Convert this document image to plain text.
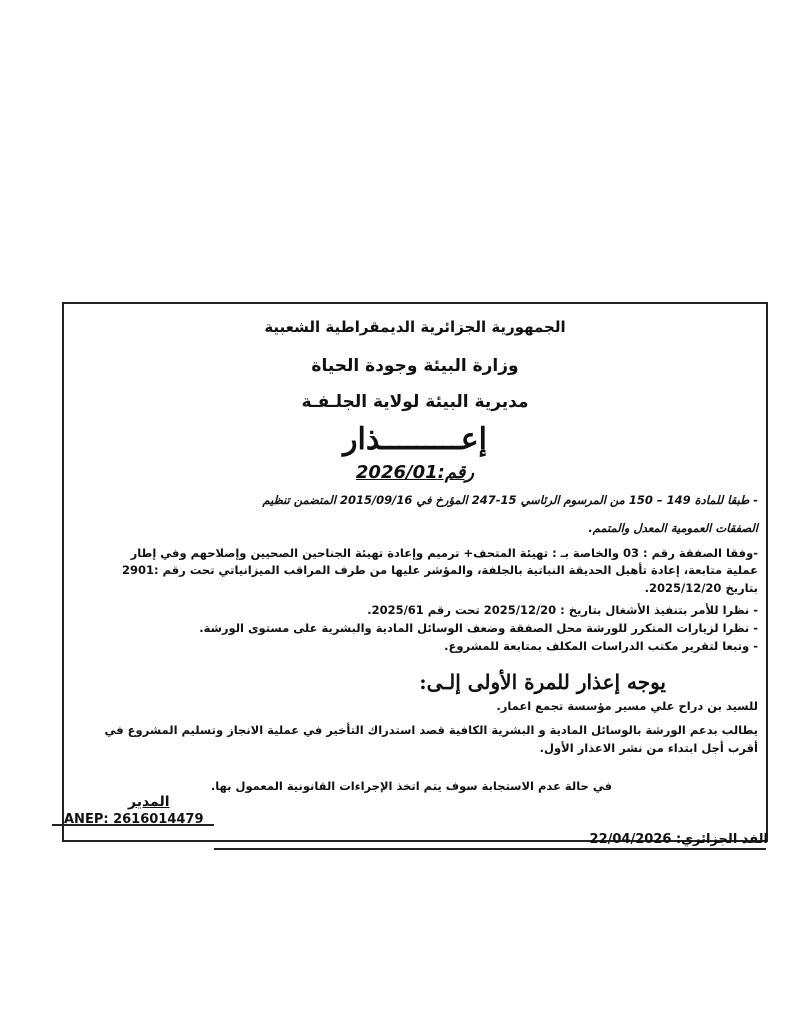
الجمهورية الجزائرية الديمقراطية الشعبية
وزارة البيئة وجودة الحياة
مديرية البيئة لولاية الجلـفـة
إعـــــــــذار
رقم:2026/01
- طبقا للمادة 149 – 150 من المرسوم الرئاسي 15-247 المؤرخ في 2015/09/16 المتضمن تنظيم
الصفقات العمومية المعدل والمتمم.
-وفقا الصفقة رقم : 03 والخاصة بـ : تهيئة المتحف+ ترميم وإعادة تهيئة الجناحين الصحيين وإصلاحهم وفي إطار
عملية متابعة، إعادة تأهيل الحديقة النباتية بالجلفة، والمؤشر عليها من طرف المراقب الميزانياتي تحت رقم :2901
بتاريخ 2025/12/20.
- نظرا للأمر بتنفيذ الأشغال بتاريخ : 2025/12/20 تحت رقم 2025/61.
- نظرا لزيارات المتكرر للورشة محل الصفقة وضعف الوسائل المادية والبشرية على مستوى الورشة.
- وتبعا لتقرير مكتب الدراسات المكلف بمتابعة للمشروع.
يوجه إعذار للمرة الأولى إلـى:
للسيد بن دراح علي مسير مؤسسة تجمع اعمار.
يطالب بدعم الورشة بالوسائل المادية و البشرية الكافية قصد استدراك التأخير في عملية الانجاز وتسليم المشروع في
أقرب أجل ابتداء من نشر الاعذار الأول.
في حالة عدم الاستجابة سوف يتم اتخذ الإجراءات القانونية المعمول بها.
المدير
ANEP: 2616014479
الفد الجزائري: 22/04/2026
